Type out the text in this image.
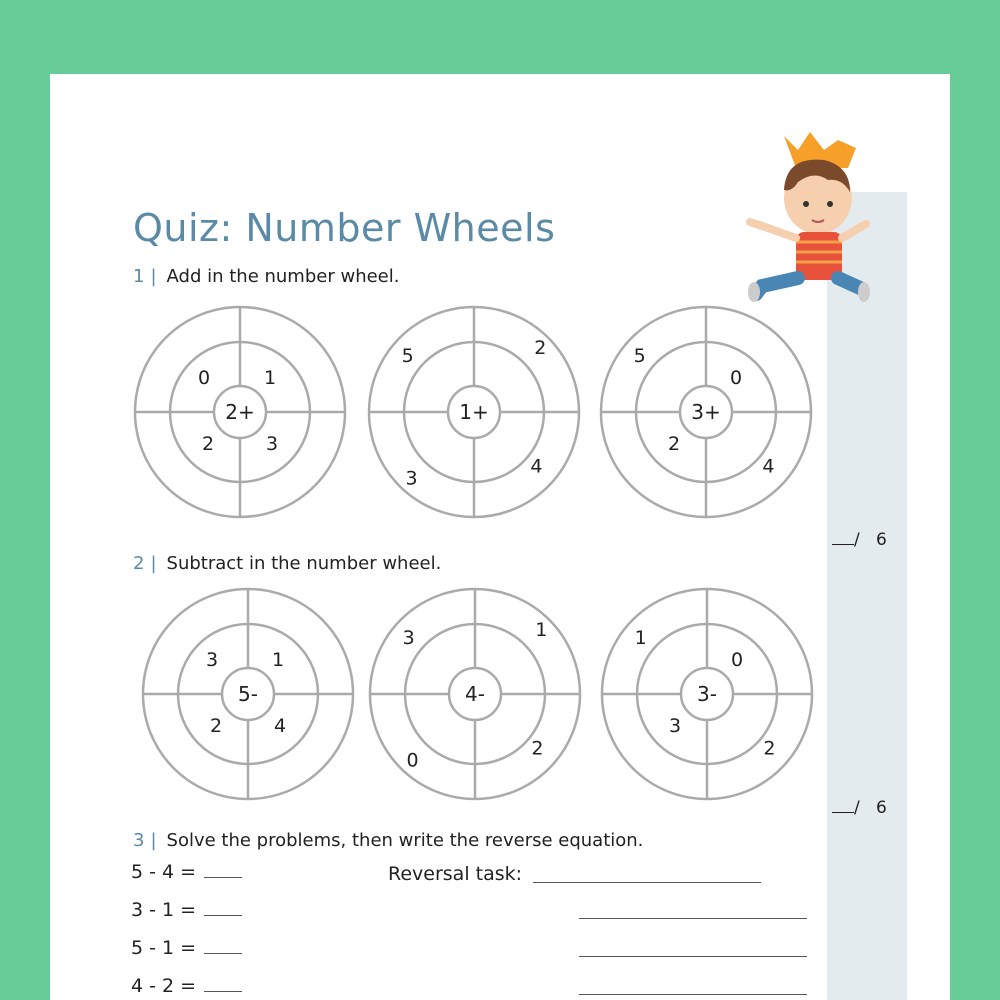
Quiz: Number Wheels
1 | Add in the number wheel.
2 | Subtract in the number wheel.
3 | Solve the problems, then write the reverse equation.
2+
0	1
2	3
1+
5	2
3
4
3+
5
4
0
2
5-
3	1
2	4
4-
3	1
0
2
3-
1
2
0
3
/ 6
/ 6
5 - 4 =
3 - 1 =
5 - 1 =
4 - 2 =
Reversal task:
